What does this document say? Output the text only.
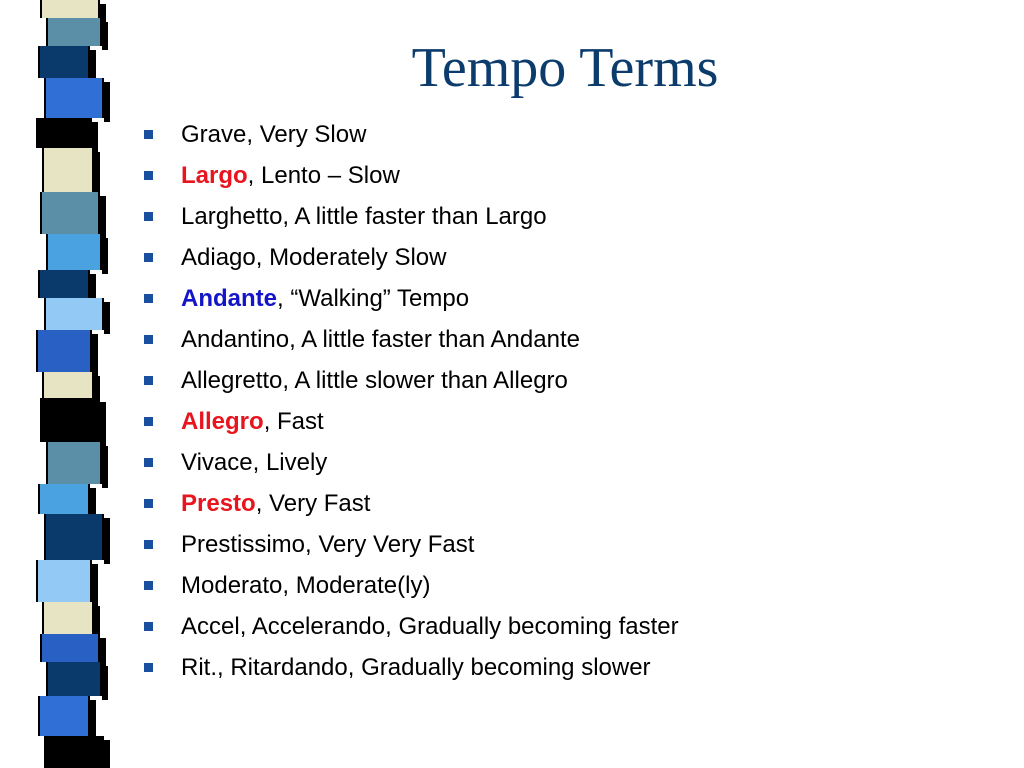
Tempo Terms
Grave, Very Slow
Largo, Lento – Slow
Larghetto, A little faster than Largo
Adiago, Moderately Slow
Andante, “Walking” Tempo
Andantino, A little faster than Andante
Allegretto, A little slower than Allegro
Allegro, Fast
Vivace, Lively
Presto, Very Fast
Prestissimo, Very Very Fast
Moderato, Moderate(ly)
Accel, Accelerando, Gradually becoming faster
Rit., Ritardando, Gradually becoming slower
